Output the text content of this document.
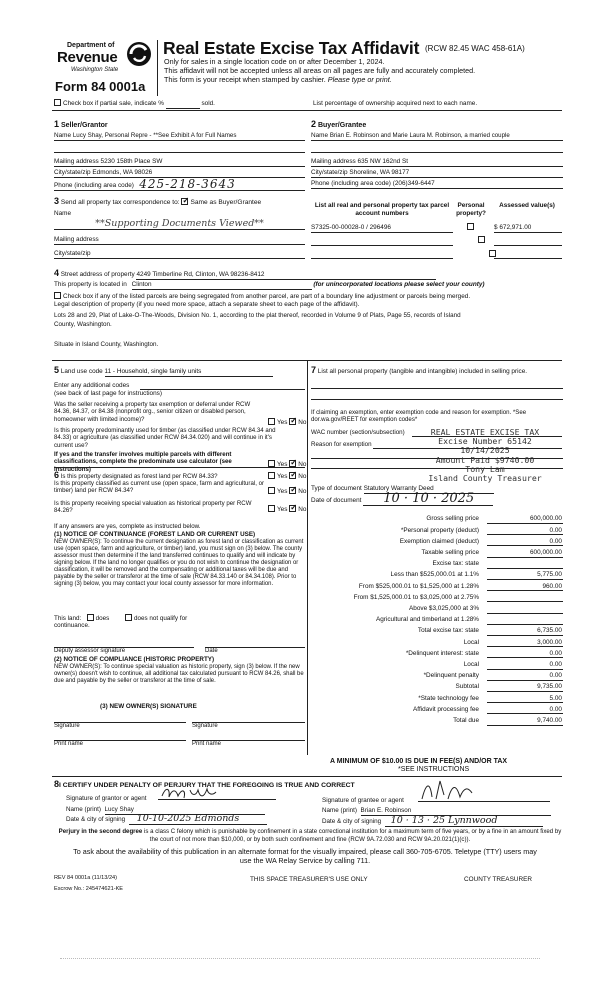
Department of
Revenue
Washington State
Form 84 0001a
Real Estate Excise Tax Affidavit (RCW 82.45 WAC 458-61A)
Only for sales in a single location code on or after December 1, 2024.
This affidavit will not be accepted unless all areas on all pages are fully and accurately completed.
This form is your receipt when stamped by cashier. Please type or print.
Check box if partial sale, indicate %	sold.	List percentage of ownership acquired next to each name.
1 Seller/Grantor
Name
Lucy Shay, Personal Repre - **See Exhibit A for Full Names
Mailing address
5230 158th Place SW
City/state/zip
Edmonds, WA 98026
Phone (including area code)
425-218-3643
2 Buyer/Grantee
Name
Brian E. Robinson and Marie Laura M. Robinson, a married couple
Mailing address
635 NW 162nd St
City/state/zip
Shoreline, WA 98177
Phone (including area code)
(206)349-6447
3 Send all property tax correspondence to: ✓ Same as Buyer/Grantee
Name
**Supporting Documents Viewed**
Mailing address
City/state/zip
List all real and personal property tax parcel account numbers
Personal property?
Assessed value(s)
S7325-00-00028-0 / 296496
	$ 672,971.00

4 Street address of property 4249 Timberline Rd, Clinton, WA 98236-8412
This property is located in Clinton	(for unincorporated locations please select your county)
Check box if any of the listed parcels are being segregated from another parcel, are part of a boundary line adjustment or parcels being merged.
Legal description of property (if you need more space, attach a separate sheet to each page of the affidavit).
Lots 28 and 29, Plat of Lake-O-The-Woods, Division No. 1, according to the plat thereof, recorded in Volume 9 of Plats, Page 55, records of Island
County, Washington.
Situate in Island County, Washington.
5 Land use code 11 - Household, single family units
Enter any additional codes
(see back of last page for instructions)
Was the seller receiving a property tax exemption or deferral under RCW 84.36, 84.37, or 84.38 (nonprofit org., senior citizen or disabled person, homeowner with limited income)?	Yes ✓ No
Is this property predominantly used for timber (as classified under RCW 84.34 and 84.33) or agriculture (as classified under RCW 84.34.020) and will continue in it's current use?
If yes and the transfer involves multiple parcels with different classifications, complete the predominate use calculator (see instructions)
Yes ✓ No
6 Is this property designated as forest land per RCW 84.33?	Yes ✓ No
Is this property classified as current use (open space, farm and agricultural, or timber) land per RCW 84.34?	Yes ✓ No
Is this property receiving special valuation as historical property per RCW 84.26?	Yes ✓ No
If any answers are yes, complete as instructed below.
(1) NOTICE OF CONTINUANCE (FOREST LAND OR CURRENT USE)
NEW OWNER(S): To continue the current designation as forest land or classification as current use (open space, farm and agriculture, or timber) land, you must sign on (3) below. The county assessor must then determine if the land transferred continues to qualify and will indicate by signing below. If the land no longer qualifies or you do not wish to continue the designation or classification, it will be removed and the compensating or additional taxes will be due and payable by the seller or transferor at the time of sale (RCW 84.33.140 or 84.34.108). Prior to signing (3) below, you may contact your local county assessor for more information.
This land: does	does not qualify for
continuance.
Deputy assessor signature	Date
(2) NOTICE OF COMPLIANCE (HISTORIC PROPERTY)
NEW OWNER(S): To continue special valuation as historic property, sign (3) below. If the new owner(s) doesn't wish to continue, all additional tax calculated pursuant to RCW 84.26, shall be due and payable by the seller or transferor at the time of sale.
(3) NEW OWNER(S) SIGNATURE
Signature	Signature
Print name	Print name
7 List all personal property (tangible and intangible) included in selling price.
If claiming an exemption, enter exemption code and reason for exemption. *See dor.wa.gov/REET for exemption codes*
WAC number (section/subsection)
Reason for exemption
REAL ESTATE EXCISE TAX
Excise Number 65142
10/14/2025
Amount Paid $9740.00
Tony Lam
Island County Treasurer
Type of document Statutory Warranty Deed
Date of document 10 · 10 · 2025
Gross selling price	600,000.00
*Personal property (deduct)	0.00
Exemption claimed (deduct)	0.00
Taxable selling price	600,000.00
Excise tax: state

Less than $525,000.01 at 1.1%	5,775.00
From $525,000.01 to $1,525,000 at 1.28%	960.00
From $1,525,000.01 to $3,025,000 at 2.75%

Above $3,025,000 at 3%

Agricultural and timberland at 1.28%

Total excise tax: state	6,735.00
Local	3,000.00
*Delinquent interest: state	0.00
Local	0.00
*Delinquent penalty	0.00
Subtotal	9,735.00
*State technology fee	5.00
Affidavit processing fee	0.00
Total due	9,740.00
A MINIMUM OF $10.00 IS DUE IN FEE(S) AND/OR TAX
*SEE INSTRUCTIONS
8I CERTIFY UNDER PENALTY OF PERJURY THAT THE FOREGOING IS TRUE AND CORRECT
Signature of grantor or agent
Name (print) Lucy Shay
Date & city of signing 10-10-2025 Edmonds
Signature of grantee or agent
Name (print) Brian E. Robinson
Date & city of signing 10 · 13 · 25 Lynnwood
Perjury in the second degree is a class C felony which is punishable by confinement in a state correctional institution for a maximum term of five years, or by a fine in an amount fixed by the court of not more than $10,000, or by both such confinement and fine (RCW 9A.72.030 and RCW 9A.20.021(1)(c)).
To ask about the availability of this publication in an alternate format for the visually impaired, please call 360-705-6705. Teletype (TTY) users may use the WA Relay Service by calling 711.
REV 84 0001a (11/13/24)	THIS SPACE TREASURER'S USE ONLY	COUNTY TREASURER
Escrow No.: 245474621-KE
